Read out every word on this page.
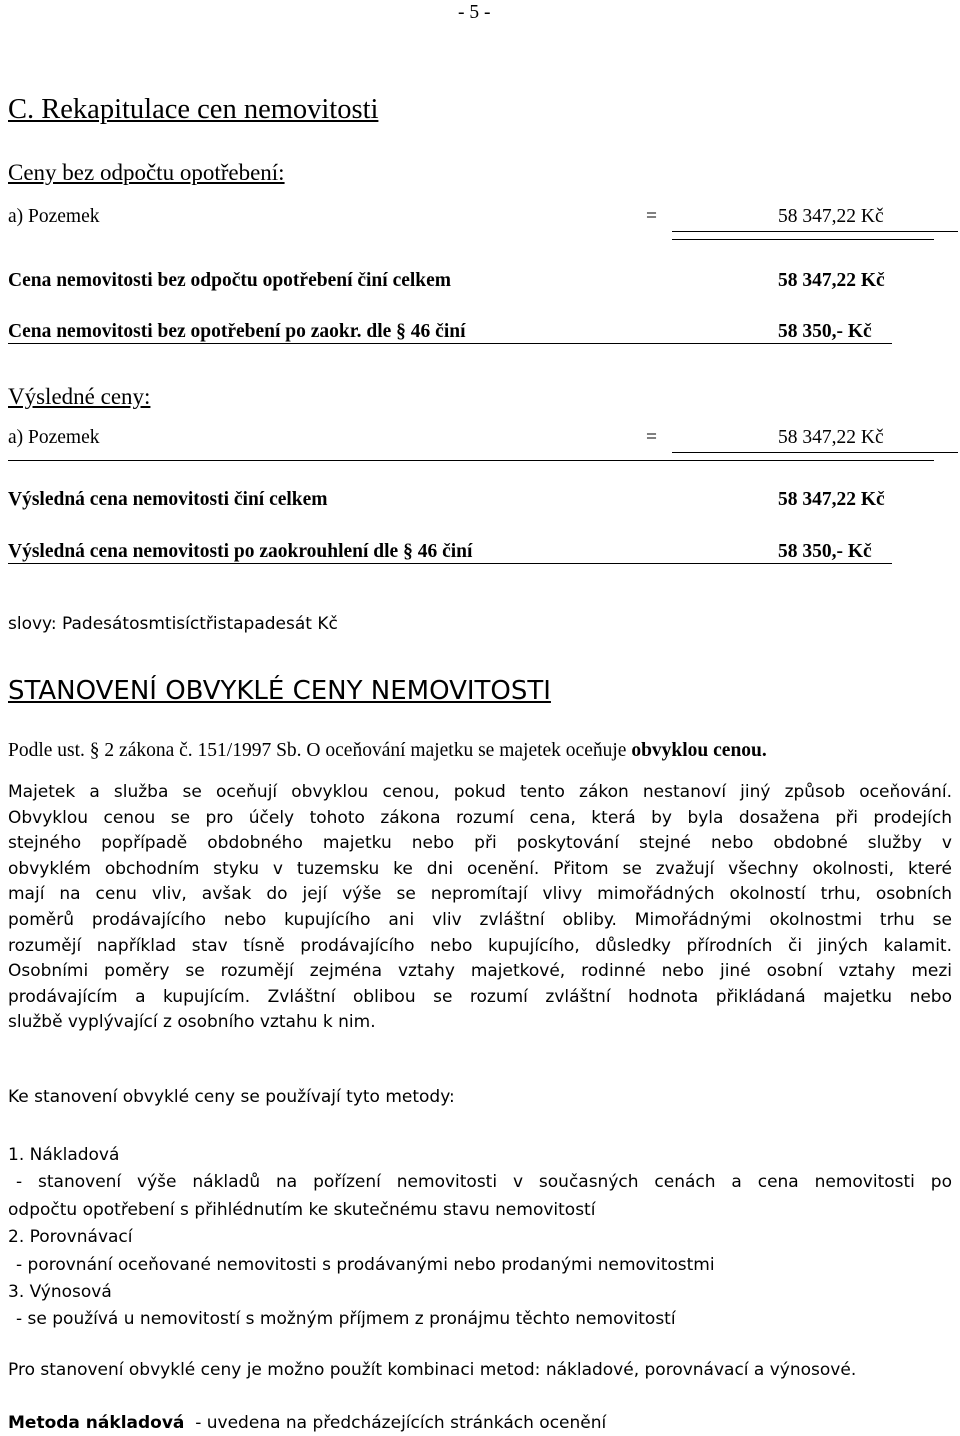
- 5 -
C. Rekapitulace cen nemovitosti
Ceny bez odpočtu opotřebení:
a) Pozemek	=	58 347,22 Kč
Cena nemovitosti bez odpočtu opotřebení činí celkem	58 347,22 Kč
Cena nemovitosti bez opotřebení po zaokr. dle § 46 činí	58 350,- Kč
Výsledné ceny:
a) Pozemek	=	58 347,22 Kč
Výsledná cena nemovitosti činí celkem	58 347,22 Kč
Výsledná cena nemovitosti po zaokrouhlení dle § 46 činí	58 350,- Kč
slovy: Padesátosmtisíctřistapadesát Kč
STANOVENÍ OBVYKLÉ CENY NEMOVITOSTI
Podle ust. § 2 zákona č. 151/1997 Sb. O oceňování majetku se majetek oceňuje obvyklou cenou.
Majetek a služba se oceňují obvyklou cenou, pokud tento zákon nestanoví jiný způsob oceňování.
Obvyklou cenou se pro účely tohoto zákona rozumí cena, která by byla dosažena při prodejích
stejného popřípadě obdobného majetku nebo při poskytování stejné nebo obdobné služby v
obvyklém obchodním styku v tuzemsku ke dni ocenění. Přitom se zvažují všechny okolnosti, které
mají na cenu vliv, avšak do její výše se nepromítají vlivy mimořádných okolností trhu, osobních
poměrů prodávajícího nebo kupujícího ani vliv zvláštní obliby. Mimořádnými okolnostmi trhu se
rozumějí například stav tísně prodávajícího nebo kupujícího, důsledky přírodních či jiných kalamit.
Osobními poměry se rozumějí zejména vztahy majetkové, rodinné nebo jiné osobní vztahy mezi
prodávajícím a kupujícím. Zvláštní oblibou se rozumí zvláštní hodnota přikládaná majetku nebo
službě vyplývající z osobního vztahu k nim.
Ke stanovení obvyklé ceny se používají tyto metody:
1. Nákladová
- stanovení výše nákladů na pořízení nemovitosti v současných cenách a cena nemovitosti po
odpočtu opotřebení s přihlédnutím ke skutečnému stavu nemovitostí
2. Porovnávací
- porovnání oceňované nemovitosti s prodávanými nebo prodanými nemovitostmi
3. Výnosová
- se používá u nemovitostí s možným příjmem z pronájmu těchto nemovitostí
Pro stanovení obvyklé ceny je možno použít kombinaci metod: nákladové, porovnávací a výnosové.
Metoda nákladová  - uvedena na předcházejících stránkách ocenění
